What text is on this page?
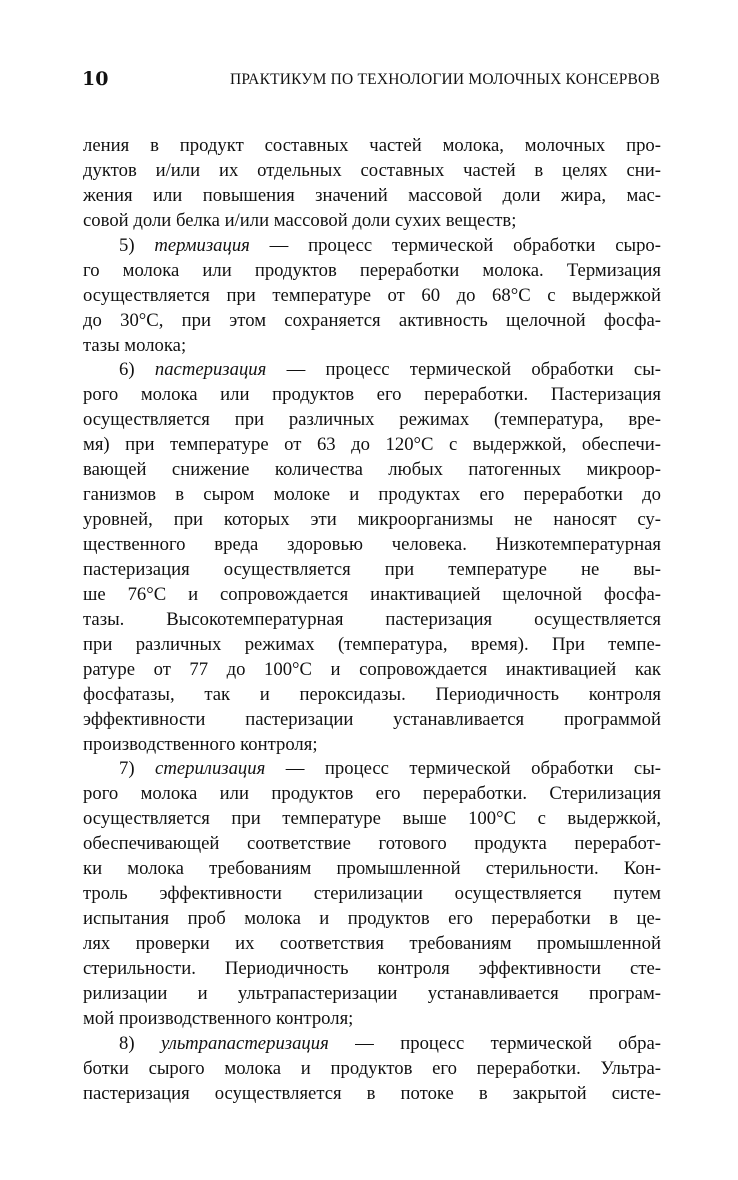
10	ПРАКТИКУМ ПО ТЕХНОЛОГИИ МОЛОЧНЫХ КОНСЕРВОВ
ления в продукт составных частей молока, молочных про-
дуктов и/или их отдельных составных частей в целях сни-
жения или повышения значений массовой доли жира, мас-
совой доли белка и/или массовой доли сухих веществ;
5) термизация — процесс термической обработки сыро-
го молока или продуктов переработки молока. Термизация
осуществляется при температуре от 60 до 68°C с выдержкой
до 30°C, при этом сохраняется активность щелочной фосфа-
тазы молока;
6) пастеризация — процесс термической обработки сы-
рого молока или продуктов его переработки. Пастеризация
осуществляется при различных режимах (температура, вре-
мя) при температуре от 63 до 120°C с выдержкой, обеспечи-
вающей снижение количества любых патогенных микроор-
ганизмов в сыром молоке и продуктах его переработки до
уровней, при которых эти микроорганизмы не наносят су-
щественного вреда здоровью человека. Низкотемпературная
пастеризация осуществляется при температуре не вы-
ше 76°C и сопровождается инактивацией щелочной фосфа-
тазы. Высокотемпературная пастеризация осуществляется
при различных режимах (температура, время). При темпе-
ратуре от 77 до 100°C и сопровождается инактивацией как
фосфатазы, так и пероксидазы. Периодичность контроля
эффективности пастеризации устанавливается программой
производственного контроля;
7) стерилизация — процесс термической обработки сы-
рого молока или продуктов его переработки. Стерилизация
осуществляется при температуре выше 100°C с выдержкой,
обеспечивающей соответствие готового продукта переработ-
ки молока требованиям промышленной стерильности. Кон-
троль эффективности стерилизации осуществляется путем
испытания проб молока и продуктов его переработки в це-
лях проверки их соответствия требованиям промышленной
стерильности. Периодичность контроля эффективности сте-
рилизации и ультрапастеризации устанавливается програм-
мой производственного контроля;
8) ультрапастеризация — процесс термической обра-
ботки сырого молока и продуктов его переработки. Ультра-
пастеризация осуществляется в потоке в закрытой систе-
